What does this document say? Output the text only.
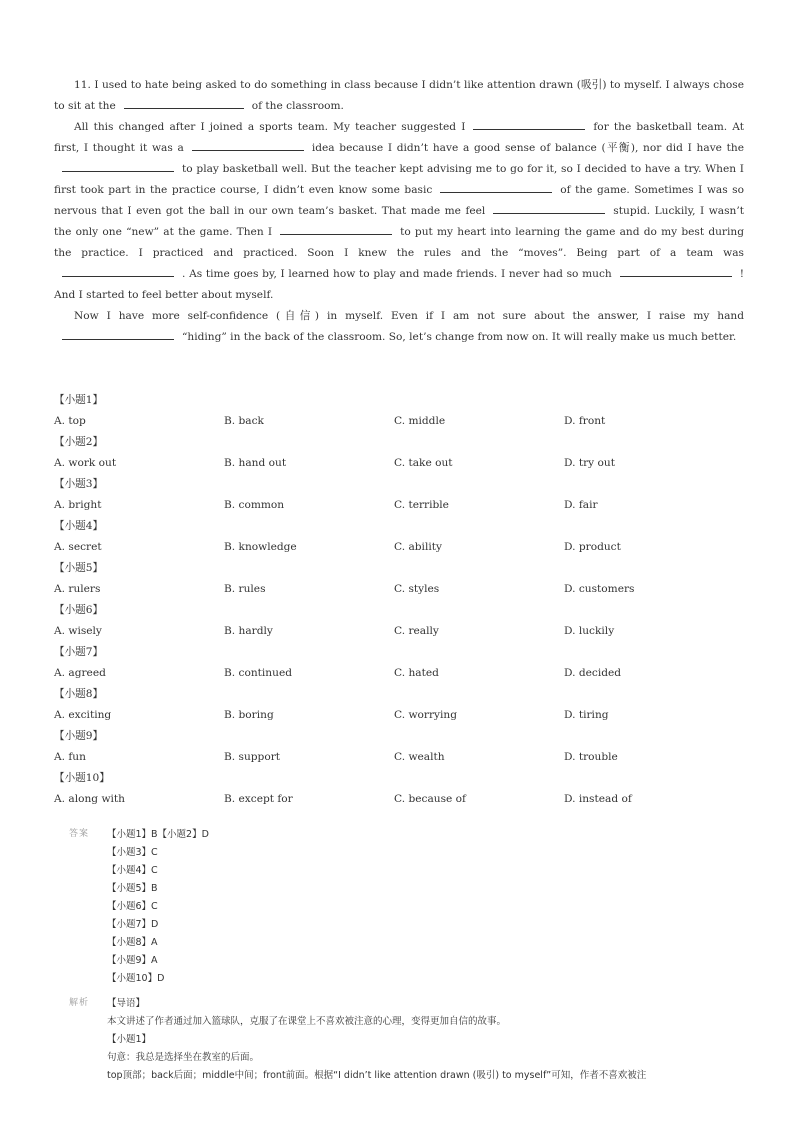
11. I used to hate being asked to do something in class because I didn’t like attention drawn (吸引) to myself. I always chose to sit at the	of the classroom.

All this changed after I joined a sports team. My teacher suggested I	for the basketball team. At first, I thought it was a	idea because I didn’t have a good sense of balance (平衡), nor did I have theto play basketball well. But the teacher kept advising me to go for it, so I decided to have a try. When I first took part in the practice course, I didn’t even know some basic	of the game. Sometimes I was so nervous that I even got the ball in our own team’s basket. That made me feel	stupid. Luckily, I wasn’t the only one “new” at the game. Then I	to put my heart into learning the game and do my best during the practice. I practiced and practiced. Soon I knew the rules and the “moves”. Being part of a team was. As time goes by, I learned how to play and made friends. I never had so much	! And I started to feel better about myself.

Now I have more self-confidence (自信) in myself. Even if I am not sure about the answer, I raise my hand“hiding” in the back of the classroom. So, let’s change from now on. It will really make us much better.

【小题1】
A. top	B. back	C. middle	D. front
【小题2】
A. work out	B. hand out	C. take out	D. try out
【小题3】
A. bright	B. common	C. terrible	D. fair
【小题4】
A. secret	B. knowledge	C. ability	D. product
【小题5】
A. rulers	B. rules	C. styles	D. customers
【小题6】
A. wisely	B. hardly	C. really	D. luckily
【小题7】
A. agreed	B. continued	C. hated	D. decided
【小题8】
A. exciting	B. boring	C. worrying	D. tiring
【小题9】
A. fun	B. support	C. wealth	D. trouble
【小题10】
A. along with	B. except for	C. because of	D. instead of
答案 【小题1】B【小题2】D
【小题3】C
【小题4】C
【小题5】B
【小题6】C
【小题7】D
【小题8】A
【小题9】A
【小题10】D
解析 【导语】
本文讲述了作者通过加入篮球队，克服了在课堂上不喜欢被注意的心理，变得更加自信的故事。
【小题1】
句意：我总是选择坐在教室的后面。
top顶部；back后面；middle中间；front前面。根据“I didn’t like attention drawn (吸引) to myself”可知，作者不喜欢被注
